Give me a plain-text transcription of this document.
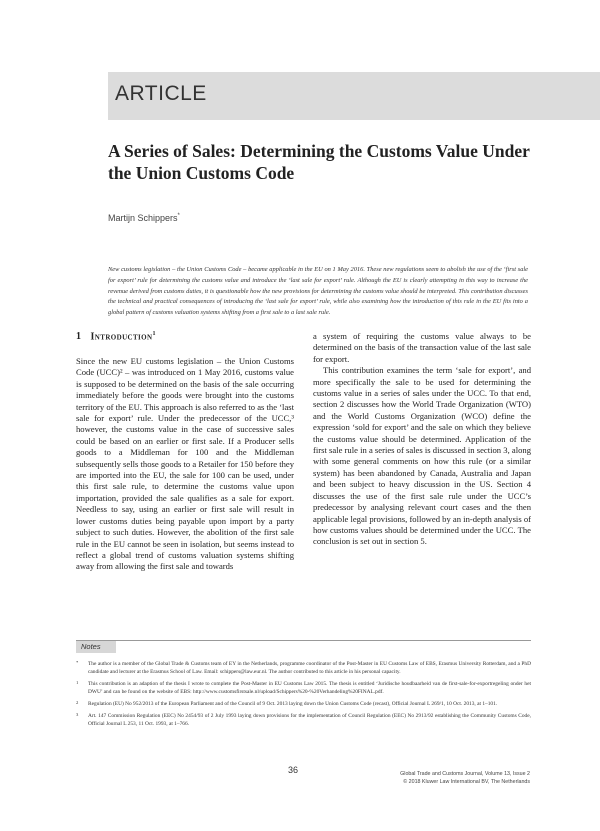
ARTICLE
A Series of Sales: Determining the Customs Value Under the Union Customs Code
Martijn Schippers*
New customs legislation – the Union Customs Code – became applicable in the EU on 1 May 2016. These new regulations seem to abolish the use of the ‘first sale for export’ rule for determining the customs value and introduce the ‘last sale for export’ rule. Although the EU is clearly attempting in this way to increase the revenue derived from customs duties, it is questionable how the new provisions for determining the customs value should be interpreted. This contribution discusses the technical and practical consequences of introducing the ‘last sale for export’ rule, while also examining how the introduction of this rule in the EU fits into a global pattern of customs valuation systems shifting from a first sale to a last sale rule.
1 Introduction$^1$

Since the new EU customs legislation – the Union Customs Code (UCC)² – was introduced on 1 May 2016, customs value is supposed to be determined on the basis of the sale occurring immediately before the goods were brought into the customs territory of the EU. This approach is also referred to as the ‘last sale for export’ rule. Under the predecessor of the UCC,³ however, the customs value in the case of successive sales could be based on an earlier or first sale. If a Producer sells goods to a Middleman for 100 and the Middleman subsequently sells those goods to a Retailer for 150 before they are imported into the EU, the sale for 100 can be used, under this first sale rule, to determine the customs value upon importation, provided the sale qualifies as a sale for export. Needless to say, using an earlier or first sale will result in lower customs duties being payable upon import by a party subject to such duties. However, the abolition of the first sale rule in the EU cannot be seen in isolation, but seems instead to reflect a global trend of customs valuation systems shifting away from allowing the first sale and towards

a system of requiring the customs value always to be determined on the basis of the transaction value of the last sale for export.

This contribution examines the term ‘sale for export’, and more specifically the sale to be used for determining the customs value in a series of sales under the UCC. To that end, section 2 discusses how the World Trade Organization (WTO) and the World Customs Organization (WCO) define the expression ‘sold for export’ and the sale on which they believe the customs value should be determined. Application of the first sale rule in a series of sales is discussed in section 3, along with some general comments on how this rule (or a similar system) has been abandoned by Canada, Australia and Japan and been subject to heavy discussion in the US. Section 4 discusses the use of the first sale rule under the UCC’s predecessor by analysing relevant court cases and the then applicable legal provisions, followed by an in-depth analysis of how customs values should be determined under the UCC. The conclusion is set out in section 5.

Notes
* The author is a member of the Global Trade & Customs team of EY in the Netherlands, programme coordinator of the Post-Master in EU Customs Law of EBS, Erasmus University Rotterdam, and a PhD candidate and lecturer at the Erasmus School of Law. Email: schippers@law.eur.nl. The author contributed to this article in his personal capacity.
1 This contribution is an adaption of the thesis I wrote to complete the Post-Master in EU Customs Law 2015. The thesis is entitled ‘Juridische houdbaarheid van de first-sale-for-exportregeling onder het DWU’ and can be found on the website of EBS: http://www.customsfirstsale.nl/upload/Schippers%20-%20Verhandeling%20FINAL.pdf.
2 Regulation (EU) No 952/2013 of the European Parliament and of the Council of 9 Oct. 2013 laying down the Union Customs Code (recast), Official Journal L 269/1, 10 Oct. 2013, at 1–101.
3 Art. 147 Commission Regulation (EEC) No 2454/93 of 2 July 1993 laying down provisions for the implementation of Council Regulation (EEC) No 2913/92 establishing the Community Customs Code, Official Journal L 253, 11 Oct. 1993, at 1–766.
36	Global Trade and Customs Journal, Volume 13, Issue 2
© 2018 Kluwer Law International BV, The Netherlands
